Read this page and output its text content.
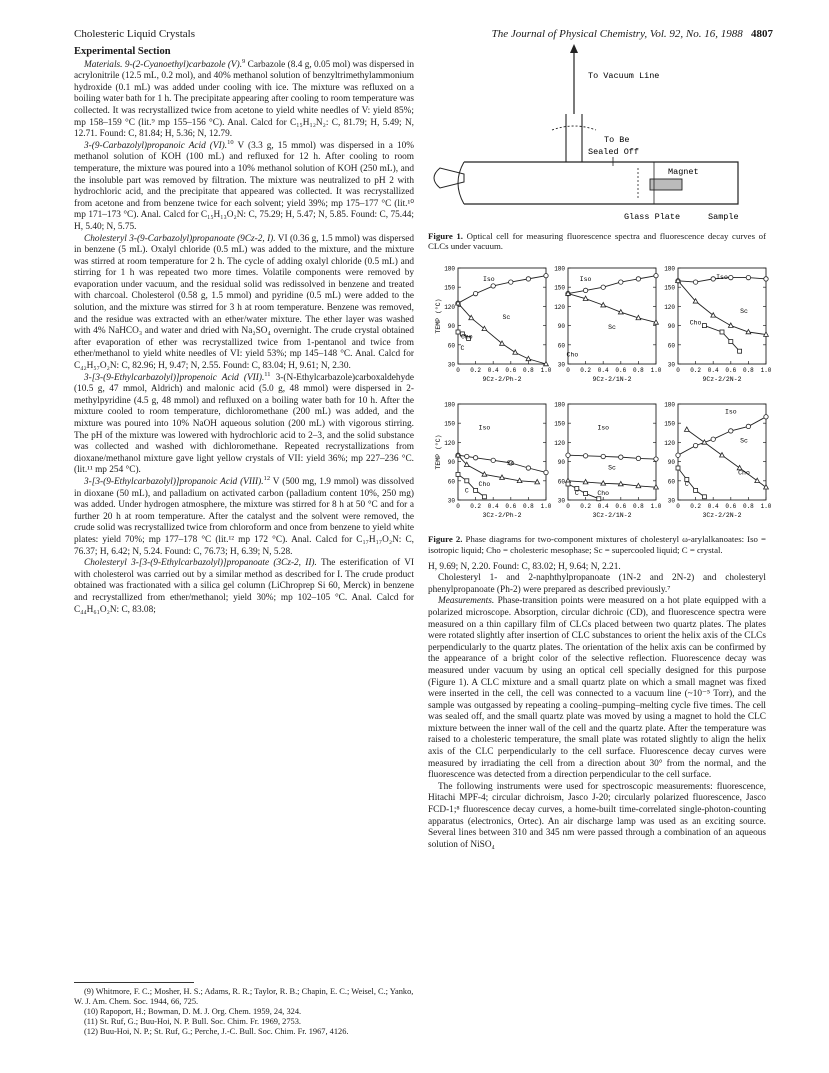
Cholesteric Liquid Crystals	The Journal of Physical Chemistry, Vol. 92, No. 16, 1988 4807
Experimental Section

Materials. 9-(2-Cyanoethyl)carbazole (V).$^9$ Carbazole (8.4 g, 0.05 mol) was dispersed in acrylonitrile (12.5 mL, 0.2 mol), and 40% methanol solution of benzyltrimethylammonium hydroxide (0.1 mL) was added under cooling with ice. The mixture was refluxed on a boiling water bath for 1 h. The precipitate appearing after cooling to room temperature was collected. It was recrystallized twice from acetone to yield white needles of V: yield 85%; mp 158–159 °C (lit.⁹ mp 155–156 °C). Anal. Calcd for C₁₅H₁₂N₂: C, 81.79; H, 5.49; N, 12.71. Found: C, 81.84; H, 5.36; N, 12.79.

3-(9-Carbazolyl)propanoic Acid (VI).$^{10}$ V (3.3 g, 15 mmol) was dispersed in a 10% methanol solution of KOH (100 mL) and refluxed for 12 h. After cooling to room temperature, the mixture was poured into a 10% methanol solution of KOH (250 mL), and the insoluble part was removed by filtration. The mixture was neutralized to pH 2 with hydrochloric acid, and the precipitate that appeared was collected. It was recrystallized from acetone and from benzene twice for each solvent; yield 39%; mp 175–177 °C (lit.¹⁰ mp 171–173 °C). Anal. Calcd for C₁₅H₁₃O₂N: C, 75.29; H, 5.47; N, 5.85. Found: C, 75.44; H, 5.40; N, 5.75.

Cholesteryl 3-(9-Carbazolyl)propanoate (9Cz-2, I). VI (0.36 g, 1.5 mmol) was dispersed in benzene (5 mL). Oxalyl chloride (0.5 mL) was added to the mixture, and the mixture was stirred at room temperature for 2 h. The cycle of adding oxalyl chloride (0.5 mL) and stirring for 1 h was repeated two more times. Volatile components were removed by evaporation under vacuum, and the residual solid was redissolved in benzene and treated with charcoal. Cholesterol (0.58 g, 1.5 mmol) and pyridine (0.5 mL) were added to the solution, and the mixture was stirred for 3 h at room temperature. Benzene was removed, and the residue was extracted with an ether/water mixture. The ether layer was washed with 4% NaHCO₃ and water and dried with Na₂SO₄ overnight. The crude crystal obtained after evaporation of ether was recrystallized twice from 1-pentanol and twice from ether/methanol to yield white needles of VI: yield 53%; mp 145–148 °C. Anal. Calcd for C₄₂H₅₇O₂N: C, 82.96; H, 9.47; N, 2.55. Found: C, 83.04; H, 9.61; N, 2.30.

3-[3-(9-Ethylcarbazolyl)]propenoic Acid (VII).$^{11}$ 3-(N-Ethylcarbazole)carboxaldehyde (10.5 g, 47 mmol, Aldrich) and malonic acid (5.0 g, 48 mmol) were dispersed in 2-methylpyridine (4.5 g, 48 mmol) and refluxed on a boiling water bath for 10 h. After the mixture cooled to room temperature, dichloromethane (200 mL) was added, and the mixture was poured into 10% NaOH aqueous solution (200 mL) with vigorous stirring. The pH of the mixture was lowered with hydrochloric acid to 2–3, and the solid substance was collected and washed with dichloromethane. Repeated recrystallizations from dioxane/methanol mixture gave light yellow crystals of VII: yield 36%; mp 227–236 °C. (lit.¹¹ mp 254 °C).

3-[3-(9-Ethylcarbazolyl)]propanoic Acid (VIII).$^{12}$ V (500 mg, 1.9 mmol) was dissolved in dioxane (50 mL), and palladium on activated carbon (palladium content 10%, 250 mg) was added. Under hydrogen atmosphere, the mixture was stirred for 8 h at 50 °C and for a further 20 h at room temperature. After the catalyst and the solvent were removed, the crude solid was recrystallized twice from chloroform and once from benzene to yield white plates: yield 70%; mp 177–178 °C (lit.¹² mp 172 °C). Anal. Calcd for C₁₇H₁₇O₂N: C, 76.37; H, 6.42; N, 5.24. Found: C, 76.73; H, 6.39; N, 5.28.

Cholesteryl 3-[3-(9-Ethylcarbazolyl)]propanoate (3Cz-2, II). The esterification of VI with cholesterol was carried out by a similar method as described for I. The crude product obtained was fractionated with a silica gel column (LiChroprep Si 60, Merck) in benzene and recrystallized from ether/methanol; yield 30%; mp 102–105 °C. Anal. Calcd for C₄₄H₆₁O₂N: C, 83.08;

(9) Whitmore, F. C.; Mosher, H. S.; Adams, R. R.; Taylor, R. B.; Chapin, E. C.; Weisel, C.; Yanko, W. J. Am. Chem. Soc. 1944, 66, 725.

(10) Rapoport, H.; Bowman, D. M. J. Org. Chem. 1959, 24, 324.

(11) St. Ruf, G.; Buu-Hoi, N. P. Bull. Soc. Chim. Fr. 1969, 2753.

(12) Buu-Hoi, N. P.; St. Ruf, G.; Perche, J.-C. Bull. Soc. Chim. Fr. 1967, 4126.

To Vacuum Line
To Be
Sealed Off
Magnet
Glass Plate	Sample
Figure 1. Optical cell for measuring fluorescence spectra and fluorescence decay curves of CLCs under vacuum.
30
60
90
120
150
180
0 0.2 0.4 0.6 0.8 1.0
9Cz-2/Ph-2
TEMP (°C)
Iso
Sc
Cho
C
30
60
90
120
150
180
0 0.2 0.4 0.6 0.8 1.0
9Cz-2/1N-2
Iso
Sc
Cho
30
60
90
120
150
180
0 0.2 0.4 0.6 0.8 1.0
9Cz-2/2N-2
Iso
Sc
Cho
30
60
90
120
150
180
0 0.2 0.4 0.6 0.8 1.0
3Cz-2/Ph-2
TEMP (°C)
Iso
Sc
Cho
C
30
60
90
120
150
180
0 0.2 0.4 0.6 0.8 1.0
3Cz-2/1N-2
Iso
Sc
Cho
C
30
60
90
120
150
180
0 0.2 0.4 0.6 0.8 1.0
3Cz-2/2N-2
Iso
Sc
Cho
C
Figure 2. Phase diagrams for two-component mixtures of cholesteryl ω-arylalkanoates: Iso = isotropic liquid; Cho = cholesteric mesophase; Sc = supercooled liquid; C = crystal.

H, 9.69; N, 2.20. Found: C, 83.02; H, 9.64; N, 2.21.

Cholesteryl 1- and 2-naphthylpropanoate (1N-2 and 2N-2) and cholesteryl phenylpropanoate (Ph-2) were prepared as described previously.⁷

Measurements. Phase-transition points were measured on a hot plate equipped with a polarized microscope. Absorption, circular dichroic (CD), and fluorescence spectra were measured on a thin capillary film of CLCs placed between two quartz plates. The plates were rotated slightly after insertion of CLC substances to orient the helix axis of the CLCs perpendicularly to the quartz plates. The orientation of the helix axis can be confirmed by the appearance of a bright color of the selective reflection. Fluorescence decay was measured under vacuum by using an optical cell specially designed for this purpose (Figure 1). A CLC mixture and a small quartz plate on which a small magnet was fixed were inserted in the cell, the cell was connected to a vacuum line (~10⁻⁵ Torr), and the sample was outgassed by repeating a cooling–pumping–melting cycle five times. The cell was sealed off, and the small quartz plate was moved by using a magnet to hold the CLC mixture between the inner wall of the cell and the quartz plate. After the temperature was raised to a cholesteric temperature, the small plate was rotated slightly to align the helix axis of the CLC perpendicularly to the cell surface. Fluorescence decay curves were measured by irradiating the cell from a direction about 30° from the normal, and the fluorescence was detected from a direction perpendicular to the cell surface.

The following instruments were used for spectroscopic measurements: fluorescence, Hitachi MPF-4; circular dichroism, Jasco J-20; circularly polarized fluorescence, Jasco FCD-1;⁸ fluorescence decay curves, a home-built time-correlated single-photon-counting apparatus (electronics, Ortec). An air discharge lamp was used as an exciting source. Several lines between 310 and 345 nm were passed through a combination of an aqueous solution of NiSO₄
